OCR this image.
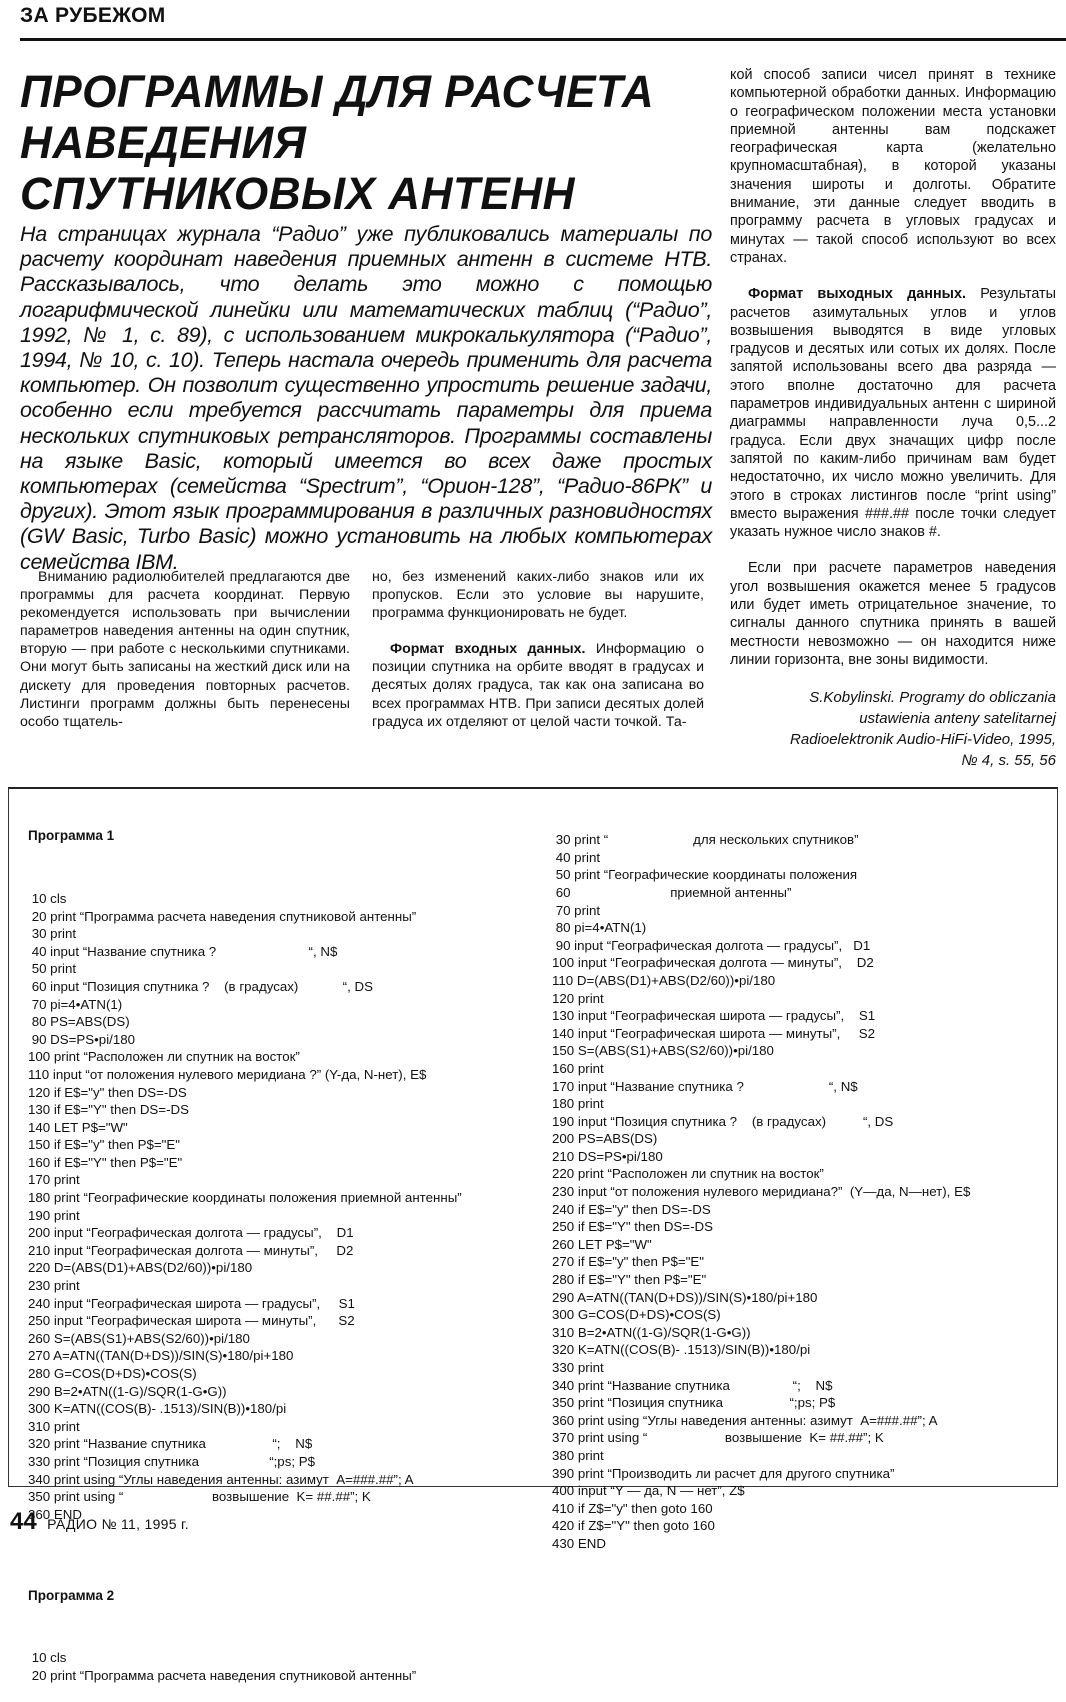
ЗА РУБЕЖОМ
ПРОГРАММЫ ДЛЯ РАСЧЕТА
НАВЕДЕНИЯ
СПУТНИКОВЫХ АНТЕНН
На страницах журнала “Радио” уже публиковались материалы по расчету координат наведения приемных антенн в системе НТВ. Рассказывалось, что делать это можно с помощью логарифмической линейки или математических таблиц (“Радио”, 1992, № 1, с. 89), с использованием микрокалькулятора (“Радио”, 1994, № 10, с. 10). Теперь настала очередь применить для расчета компьютер. Он позволит существенно упростить решение задачи, особенно если требуется рассчитать параметры для приема нескольких спутниковых ретрансляторов. Программы составлены на языке Basic, который имеется во всех даже простых компьютерах (семейства “Spectrum”, “Орион-128”, “Радио-86РК” и других). Этот язык программирования в различных разновидностях (GW Basic, Turbo Basic) можно установить на любых компьютерах семейства IBM.

Вниманию радиолюбителей предлагаются две программы для расчета координат. Первую рекомендуется использовать при вычислении параметров наведения антенны на один спутник, вторую — при работе с несколькими спутниками. Они могут быть записаны на жесткий диск или на дискету для проведения повторных расчетов. Листинги программ должны быть перенесены особо тщатель-

но, без изменений каких-либо знаков или их пропусков. Если это условие вы нарушите, программа функционировать не будет.

Формат входных данных. Информацию о позиции спутника на орбите вводят в градусах и десятых долях градуса, так как она записана во всех программах НТВ. При записи десятых долей градуса их отделяют от целой части точкой. Та-

кой способ записи чисел принят в технике компьютерной обработки данных. Информацию о географическом положении места установки приемной антенны вам подскажет географическая карта (желательно крупномасштабная), в которой указаны значения широты и долготы. Обратите внимание, эти данные следует вводить в программу расчета в угловых градусах и минутах — такой способ используют во всех странах.

Формат выходных данных. Результаты расчетов азимутальных углов и углов возвышения выводятся в виде угловых градусов и десятых или сотых их долях. После запятой использованы всего два разряда — этого вполне достаточно для расчета параметров индивидуальных антенн с шириной диаграммы направленности луча 0,5...2 градуса. Если двух значащих цифр после запятой по каким-либо причинам вам будет недостаточно, их число можно увеличить. Для этого в строках листингов после “print using” вместо выражения ###.## после точки следует указать нужное число знаков #.

Если при расчете параметров наведения угол возвышения окажется менее 5 градусов или будет иметь отрицательное значение, то сигналы данного спутника принять в вашей местности невозможно — он находится ниже линии горизонта, вне зоны видимости.

S.Kobylinski. Programy do obliczania
ustawienia anteny satelitarnej
Radioelektronik Audio-HiFi-Video, 1995,
№ 4, s. 55, 56

Программа 1

10 cls
20 print “Программа расчета наведения спутниковой антенны”
30 print
40 input “Название спутника ?                         “, N$
50 print
60 input “Позиция спутника ?    (в градусах)            “, DS
70 pi=4•ATN(1)
80 PS=ABS(DS)
90 DS=PS•pi/180
100 print “Расположен ли спутник на восток”
110 input “от положения нулевого меридиана ?” (Y-да, N-нет), E$
120 if E$="y" then DS=-DS
130 if E$="Y" then DS=-DS
140 LET P$="W"
150 if E$="y" then P$="E"
160 if E$="Y" then P$="E"
170 print
180 print “Географические координаты положения приемной антенны”
190 print
200 input “Географическая долгота — градусы”,    D1
210 input “Географическая долгота — минуты”,     D2
220 D=(ABS(D1)+ABS(D2/60))•pi/180
230 print
240 input “Географическая широта — градусы”,     S1
250 input “Географическая широта — минуты”,      S2
260 S=(ABS(S1)+ABS(S2/60))•pi/180
270 A=ATN((TAN(D+DS))/SIN(S)•180/pi+180
280 G=COS(D+DS)•COS(S)
290 B=2•ATN((1-G)/SQR(1-G•G))
300 K=ATN((COS(B)- .1513)/SIN(B))•180/pi
310 print
320 print “Название спутника                  “;    N$
330 print “Позиция спутника                   “;ps; P$
340 print using “Углы наведения антенны: азимут  A=###.##”; A
350 print using “                        возвышение  K= ##.##”; K
360 END

Программа 2

10 cls
20 print “Программа расчета наведения спутниковой антенны”

30 print “                       для нескольких спутников”
40 print
50 print “Географические координаты положения
60                           приемной антенны”
70 print
80 pi=4•ATN(1)
90 input “Географическая долгота — градусы”,   D1
100 input “Географическая долгота — минуты”,    D2
110 D=(ABS(D1)+ABS(D2/60))•pi/180
120 print
130 input “Географическая широта — градусы”,    S1
140 input “Географическая широта — минуты”,     S2
150 S=(ABS(S1)+ABS(S2/60))•pi/180
160 print
170 input “Название спутника ?                       “, N$
180 print
190 input “Позиция спутника ?    (в градусах)          “, DS
200 PS=ABS(DS)
210 DS=PS•pi/180
220 print “Расположен ли спутник на восток”
230 input “от положения нулевого меридиана?”  (Y—да, N—нет), E$
240 if E$="y" then DS=-DS
250 if E$="Y" then DS=-DS
260 LET P$="W"
270 if E$="y" then P$="E"
280 if E$="Y" then P$="E"
290 A=ATN((TAN(D+DS))/SIN(S)•180/pi+180
300 G=COS(D+DS)•COS(S)
310 B=2•ATN((1-G)/SQR(1-G•G))
320 K=ATN((COS(B)- .1513)/SIN(B))•180/pi
330 print
340 print “Название спутника                 “;    N$
350 print “Позиция спутника                  “;ps; P$
360 print using “Углы наведения антенны: азимут  A=###.##”; A
370 print using “                     возвышение  K= ##.##”; K
380 print
390 print “Производить ли расчет для другого спутника”
400 input “Y — да, N — нет”, Z$
410 if Z$="y" then goto 160
420 if Z$="Y" then goto 160
430 END

44 РАДИО № 11, 1995 г.
